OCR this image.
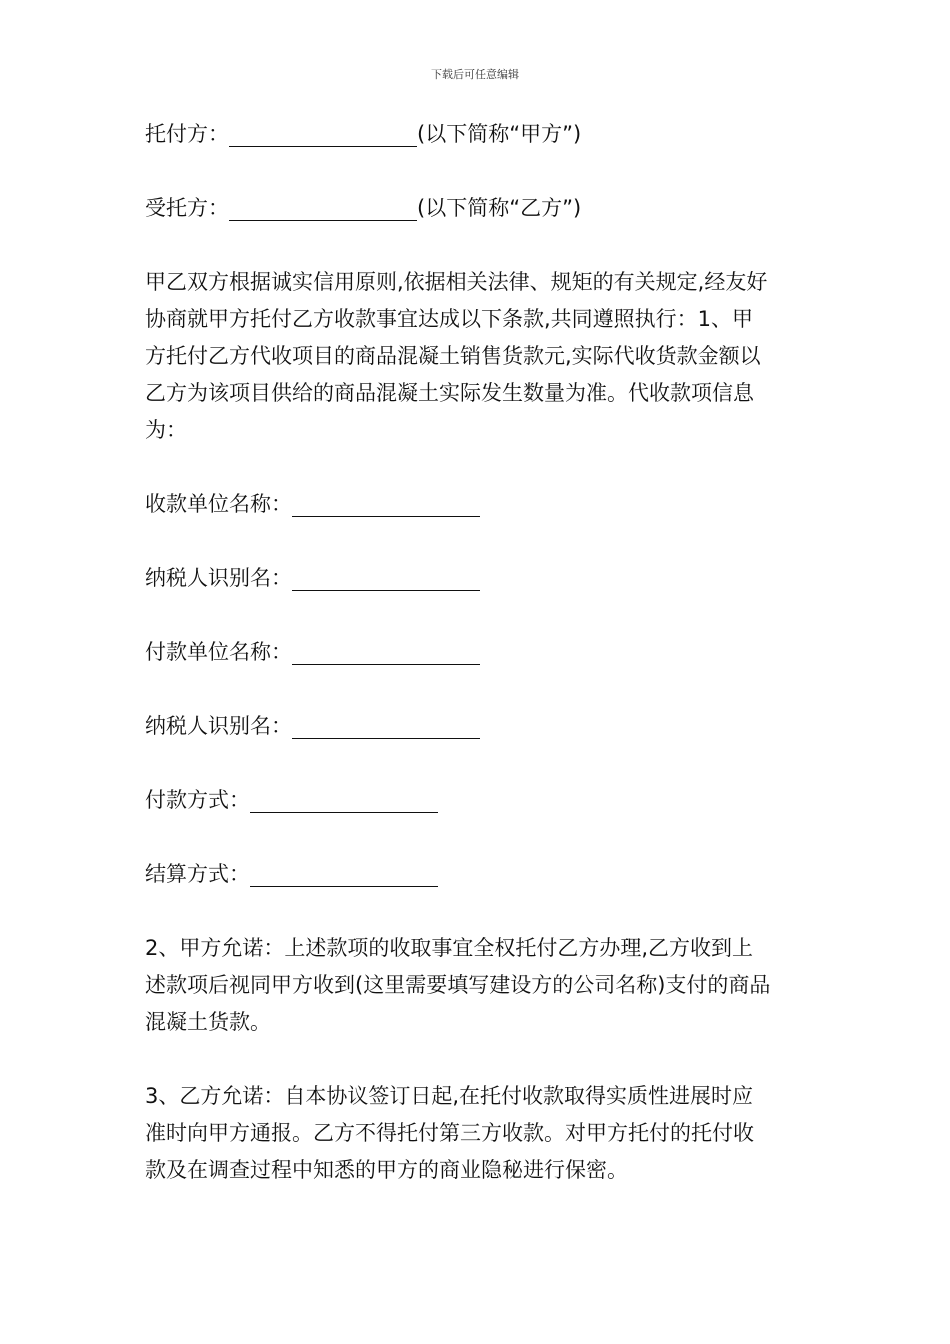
下载后可任意编辑
托付方：	(以下简称“甲方”)
受托方：	(以下简称“乙方”)
甲乙双方根据诚实信用原则,依据相关法律、规矩的有关规定,经友好
协商就甲方托付乙方收款事宜达成以下条款,共同遵照执行：1、甲
方托付乙方代收项目的商品混凝土销售货款元,实际代收货款金额以
乙方为该项目供给的商品混凝土实际发生数量为准。代收款项信息
为：
收款单位名称：
纳税人识别名：
付款单位名称：
纳税人识别名：
付款方式：
结算方式：
2、甲方允诺：上述款项的收取事宜全权托付乙方办理,乙方收到上
述款项后视同甲方收到(这里需要填写建设方的公司名称)支付的商品
混凝土货款。
3、乙方允诺：自本协议签订日起,在托付收款取得实质性进展时应
准时向甲方通报。乙方不得托付第三方收款。对甲方托付的托付收
款及在调查过程中知悉的甲方的商业隐秘进行保密。
